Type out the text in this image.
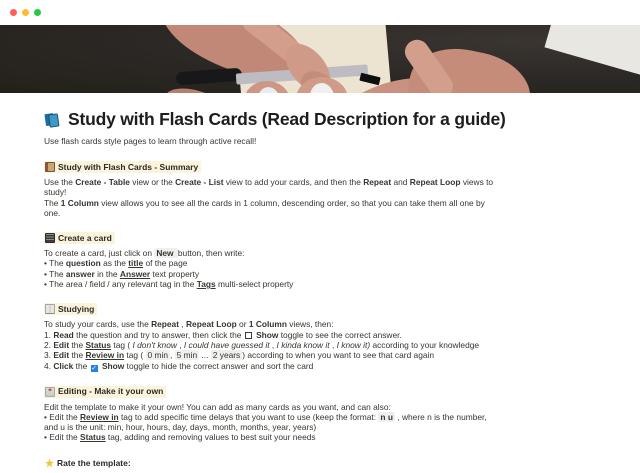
Study with Flash Cards (Read Description for a guide)
Use flash cards style pages to learn through active recall!
Study with Flash Cards - Summary
Use the Create - Table view or the Create - List view to add your cards, and then the Repeat and Repeat Loop views to
study!
The 1 Column view allows you to see all the cards in 1 column, descending order, so that you can take them all one by
one.
Create a card
To create a card, just click on New button, then write:
• The question as the title of the page
• The answer in the Answer text property
• The area / field / any relevant tag in the Tags multi-select property
Studying
To study your cards, use the Repeat , Repeat Loop or 1 Column views, then:
1. Read the question and try to answer, then click the  Show toggle to see the correct answer.
2. Edit the Status tag ( I don't know , I could have guessed it , I kinda know it , I know it) according to your knowledge
3. Edit the Review in tag ( 0 min , 5 min ... 2 years ) according to when you want to see that card again
4. Click the ✓ Show toggle to hide the correct answer and sort the card
Editing - Make it your own
Edit the template to make it your own! You can add as many cards as you want, and can also:
• Edit the Review in tag to add specific time delays that you want to use (keep the format: n u , where n is the number,
and u is the unit: min, hour, hours, day, days, month, months, year, years)
• Edit the Status tag, adding and removing values to best suit your needs
Rate the template:
